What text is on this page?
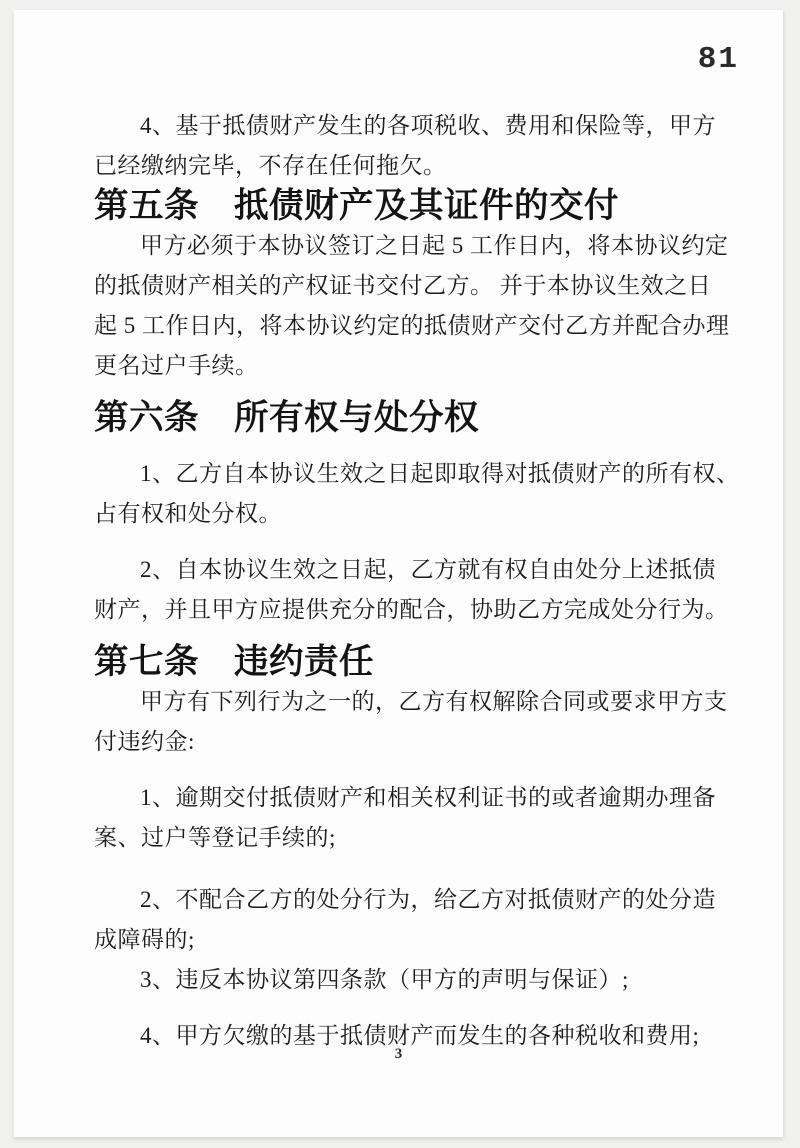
81

4、基于抵债财产发生的各项税收、费用和保险等，甲方

已经缴纳完毕，不存在任何拖欠。

第五条　抵债财产及其证件的交付

甲方必须于本协议签订之日起 5 工作日内，将本协议约定

的抵债财产相关的产权证书交付乙方。 并于本协议生效之日

起 5 工作日内，将本协议约定的抵债财产交付乙方并配合办理

更名过户手续。

第六条　所有权与处分权

1、乙方自本协议生效之日起即取得对抵债财产的所有权、

占有权和处分权。

2、自本协议生效之日起，乙方就有权自由处分上述抵债

财产，并且甲方应提供充分的配合，协助乙方完成处分行为。

第七条　违约责任

甲方有下列行为之一的，乙方有权解除合同或要求甲方支

付违约金:

1、逾期交付抵债财产和相关权利证书的或者逾期办理备

案、过户等登记手续的;

2、不配合乙方的处分行为，给乙方对抵债财产的处分造

成障碍的;

3、违反本协议第四条款（甲方的声明与保证）;

4、甲方欠缴的基于抵债财产而发生的各种税收和费用;

3
